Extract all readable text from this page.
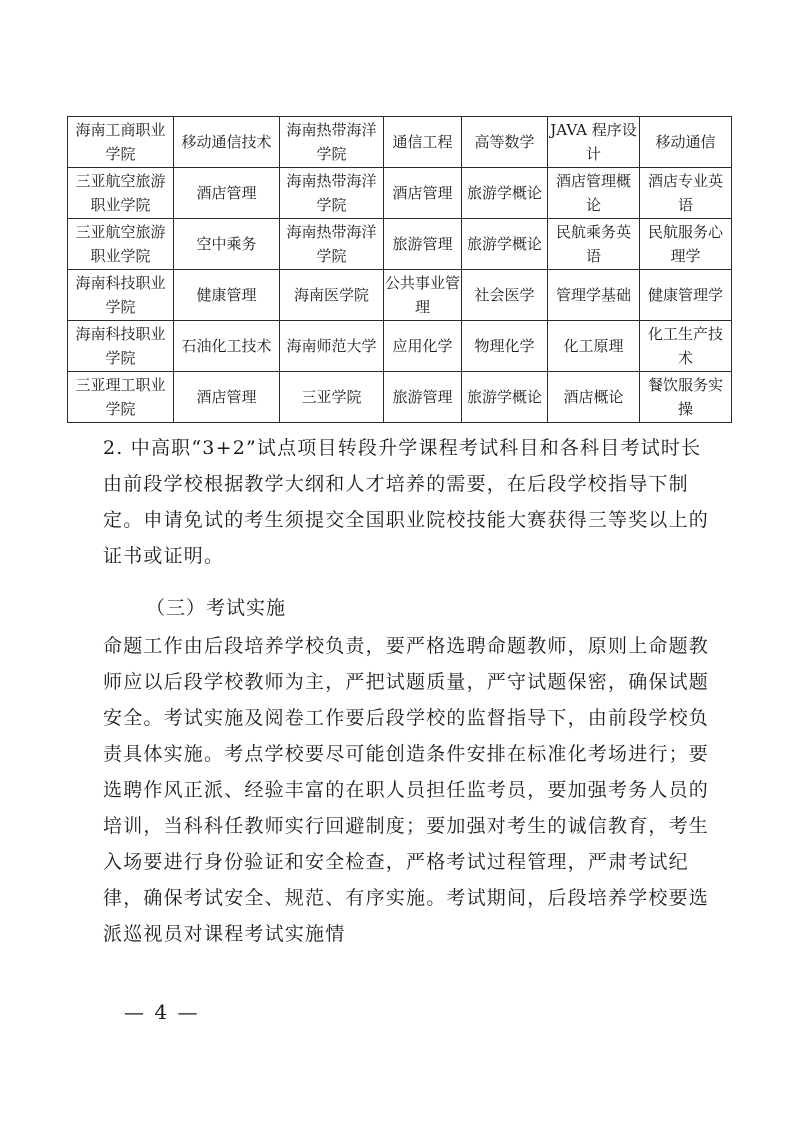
海南工商职业学院	移动通信技术	海南热带海洋学院	通信工程	高等数学	JAVA 程序设计	移动通信
三亚航空旅游职业学院	酒店管理	海南热带海洋学院	酒店管理	旅游学概论	酒店管理概论	酒店专业英语
三亚航空旅游职业学院	空中乘务	海南热带海洋学院	旅游管理	旅游学概论	民航乘务英语	民航服务心理学
海南科技职业学院	健康管理	海南医学院	公共事业管理	社会医学	管理学基础	健康管理学
海南科技职业学院	石油化工技术	海南师范大学	应用化学	物理化学	化工原理	化工生产技术
三亚理工职业学院	酒店管理	三亚学院	旅游管理	旅游学概论	酒店概论	餐饮服务实操

2. 中高职“3+2”试点项目转段升学课程考试科目和各科目考试时长由前段学校根据教学大纲和人才培养的需要，在后段学校指导下制定。申请免试的考生须提交全国职业院校技能大赛获得三等奖以上的证书或证明。

（三）考试实施

命题工作由后段培养学校负责，要严格选聘命题教师，原则上命题教师应以后段学校教师为主，严把试题质量，严守试题保密，确保试题安全。考试实施及阅卷工作要后段学校的监督指导下，由前段学校负责具体实施。考点学校要尽可能创造条件安排在标准化考场进行；要选聘作风正派、经验丰富的在职人员担任监考员，要加强考务人员的培训，当科科任教师实行回避制度；要加强对考生的诚信教育，考生入场要进行身份验证和安全检查，严格考试过程管理，严肃考试纪律，确保考试安全、规范、有序实施。考试期间，后段培养学校要选派巡视员对课程考试实施情

— 4 —
